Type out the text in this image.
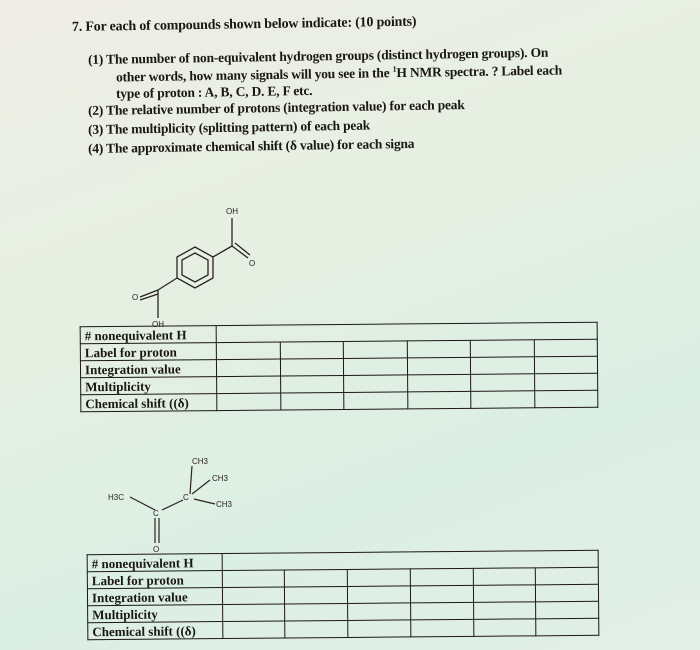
7. For each of compounds shown below indicate: (10 points)
(1) The number of non-equivalent hydrogen groups (distinct hydrogen groups). On
other words, how many signals will you see in the $^1$H NMR spectra. ? Label each
type of proton : A, B, C, D. E, F etc.
(2) The relative number of protons (integration value) for each peak
(3) The multiplicity (splitting pattern) of each peak
(4) The approximate chemical shift (δ value) for each signa
OH
O
O
OH
CH3
CH3
CH3
H3C	C
C
O
# nonequivalent H						
Label for proton						
Integration value						
Multiplicity						
Chemical shift ((δ)						
# nonequivalent H						
Label for proton						
Integration value						
Multiplicity						
Chemical shift ((δ)						
